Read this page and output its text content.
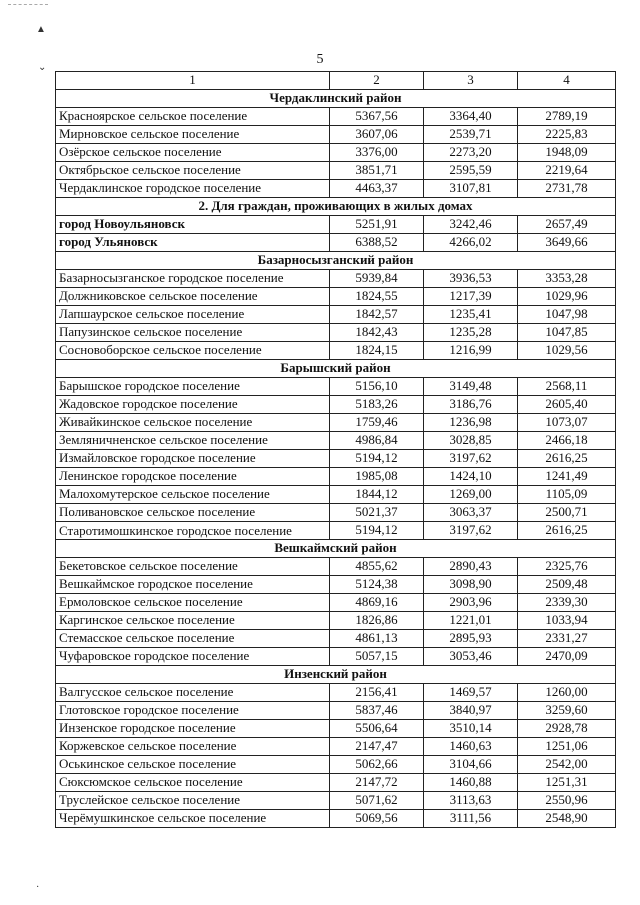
▲
⌄
·
5
1	2	3	4
Чердаклинский район			
Красноярское сельское поселение	5367,56	3364,40	2789,19
Мирновское сельское поселение	3607,06	2539,71	2225,83
Озёрское сельское поселение	3376,00	2273,20	1948,09
Октябрьское сельское поселение	3851,71	2595,59	2219,64
Чердаклинское городское поселение	4463,37	3107,81	2731,78
2. Для граждан, проживающих в жилых домах			
город Новоульяновск	5251,91	3242,46	2657,49
город Ульяновск	6388,52	4266,02	3649,66
Базарносызганский район			
Базарносызганское городское поселение	5939,84	3936,53	3353,28
Должниковское сельское поселение	1824,55	1217,39	1029,96
Лапшаурское сельское поселение	1842,57	1235,41	1047,98
Папузинское сельское поселение	1842,43	1235,28	1047,85
Сосновоборское сельское поселение	1824,15	1216,99	1029,56
Барышский район			
Барышское городское поселение	5156,10	3149,48	2568,11
Жадовское городское поселение	5183,26	3186,76	2605,40
Живайкинское сельское поселение	1759,46	1236,98	1073,07
Земляничненское сельское поселение	4986,84	3028,85	2466,18
Измайловское городское поселение	5194,12	3197,62	2616,25
Ленинское городское поселение	1985,08	1424,10	1241,49
Малохомутерское сельское поселение	1844,12	1269,00	1105,09
Поливановское сельское поселение	5021,37	3063,37	2500,71
Старотимошкинское городское поселение	5194,12	3197,62	2616,25
Вешкаймский район			
Бекетовское сельское поселение	4855,62	2890,43	2325,76
Вешкаймское городское поселение	5124,38	3098,90	2509,48
Ермоловское сельское поселение	4869,16	2903,96	2339,30
Каргинское сельское поселение	1826,86	1221,01	1033,94
Стемасское сельское поселение	4861,13	2895,93	2331,27
Чуфаровское городское поселение	5057,15	3053,46	2470,09
Инзенский район			
Валгусское сельское поселение	2156,41	1469,57	1260,00
Глотовское городское поселение	5837,46	3840,97	3259,60
Инзенское городское поселение	5506,64	3510,14	2928,78
Коржевское сельское поселение	2147,47	1460,63	1251,06
Оськинское сельское поселение	5062,66	3104,66	2542,00
Сюксюмское сельское поселение	2147,72	1460,88	1251,31
Труслейское сельское поселение	5071,62	3113,63	2550,96
Черёмушкинское сельское поселение	5069,56	3111,56	2548,90
